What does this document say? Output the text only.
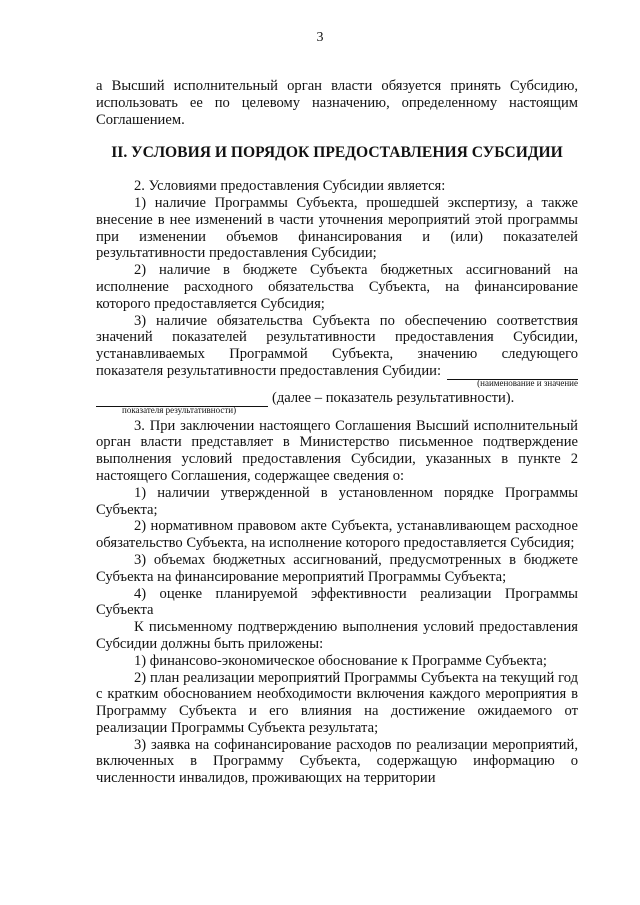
3

а Высший исполнительный орган власти обязуется принять Субсидию, использовать ее по целевому назначению, определенному настоящим Соглашением.

II. УСЛОВИЯ И ПОРЯДОК ПРЕДОСТАВЛЕНИЯ СУБСИДИИ

2. Условиями предоставления Субсидии является:

1) наличие Программы Субъекта, прошедшей экспертизу, а также внесение в нее изменений в части уточнения мероприятий этой программы при изменении объемов финансирования и (или) показателей результативности предоставления Субсидии;

2) наличие в бюджете Субъекта бюджетных ассигнований на исполнение расходного обязательства Субъекта, на финансирование которого предоставляется Субсидия;

3) наличие обязательства Субъекта по обеспечению соответствия

значений показателей результативности предоставления Субсидии,

устанавливаемых Программой Субъекта, значению следующего

показателя результативности предоставления Субидии:
(наименование и значение
(далее – показатель результативности).
показателя результативности)

3. При заключении настоящего Соглашения Высший исполнительный орган власти представляет в Министерство письменное подтверждение выполнения условий предоставления Субсидии, указанных в пункте 2 настоящего Соглашения, содержащее сведения о:

1) наличии утвержденной в установленном порядке Программы Субъекта;

2) нормативном правовом акте Субъекта, устанавливающем расходное обязательство Субъекта, на исполнение которого предоставляется Субсидия;

3) объемах бюджетных ассигнований, предусмотренных в бюджете Субъекта на финансирование мероприятий Программы Субъекта;

4) оценке планируемой эффективности реализации Программы Субъекта

К письменному подтверждению выполнения условий предоставления Субсидии должны быть приложены:

1) финансово-экономическое обоснование к Программе Субъекта;

2) план реализации мероприятий Программы Субъекта на текущий год с кратким обоснованием необходимости включения каждого мероприятия в Программу Субъекта и его влияния на достижение ожидаемого от реализации Программы Субъекта результата;

3) заявка на софинансирование расходов по реализации мероприятий, включенных в Программу Субъекта, содержащую информацию о численности инвалидов, проживающих на территории
